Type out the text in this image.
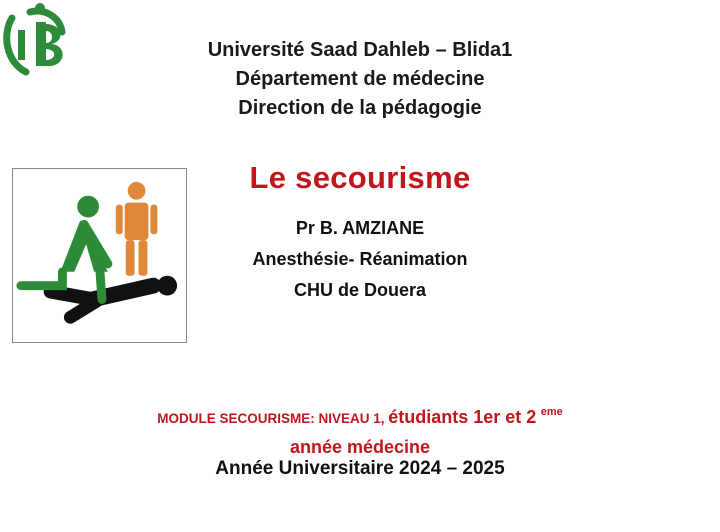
Université Saad Dahleb – Blida1
Département de médecine
Direction de la pédagogie
Le secourisme
Pr B. AMZIANE
Anesthésie- Réanimation
CHU de Douera
MODULE SECOURISME: NIVEAU 1, étudiants 1er et 2 $^{eme}$
année médecine
Année Universitaire 2024 – 2025
